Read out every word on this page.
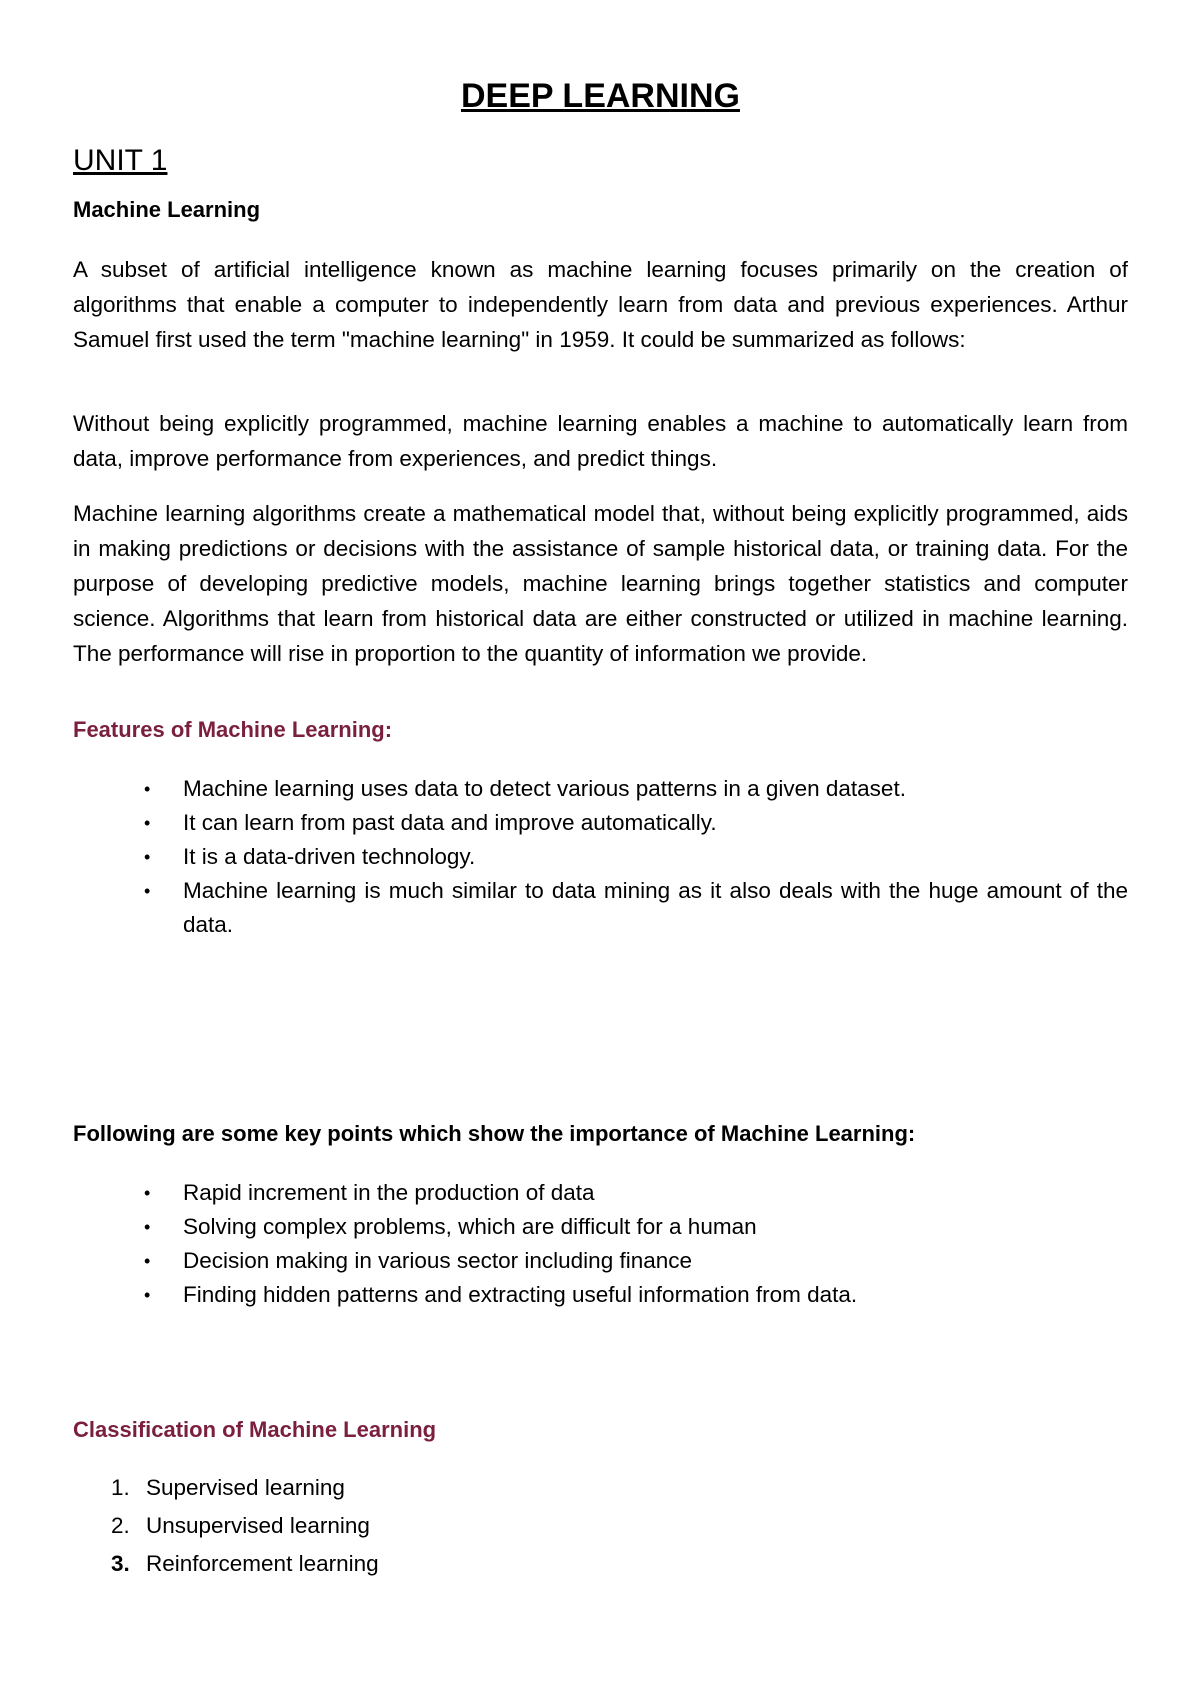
DEEP LEARNING
UNIT 1
Machine Learning

A subset of artificial intelligence known as machine learning focuses primarily on the creation of algorithms that enable a computer to independently learn from data and previous experiences. Arthur Samuel first used the term "machine learning" in 1959. It could be summarized as follows:

Without being explicitly programmed, machine learning enables a machine to automatically learn from data, improve performance from experiences, and predict things.

Machine learning algorithms create a mathematical model that, without being explicitly programmed, aids in making predictions or decisions with the assistance of sample historical data, or training data. For the purpose of developing predictive models, machine learning brings together statistics and computer science. Algorithms that learn from historical data are either constructed or utilized in machine learning. The performance will rise in proportion to the quantity of information we provide.

Features of Machine Learning:
•	Machine learning uses data to detect various patterns in a given dataset.
•	It can learn from past data and improve automatically.
•	It is a data-driven technology.
•	Machine learning is much similar to data mining as it also deals with the huge amount of the data.
Following are some key points which show the importance of Machine Learning:
•	Rapid increment in the production of data
•	Solving complex problems, which are difficult for a human
•	Decision making in various sector including finance
•	Finding hidden patterns and extracting useful information from data.
Classification of Machine Learning
1. Supervised learning
2. Unsupervised learning
3. Reinforcement learning
